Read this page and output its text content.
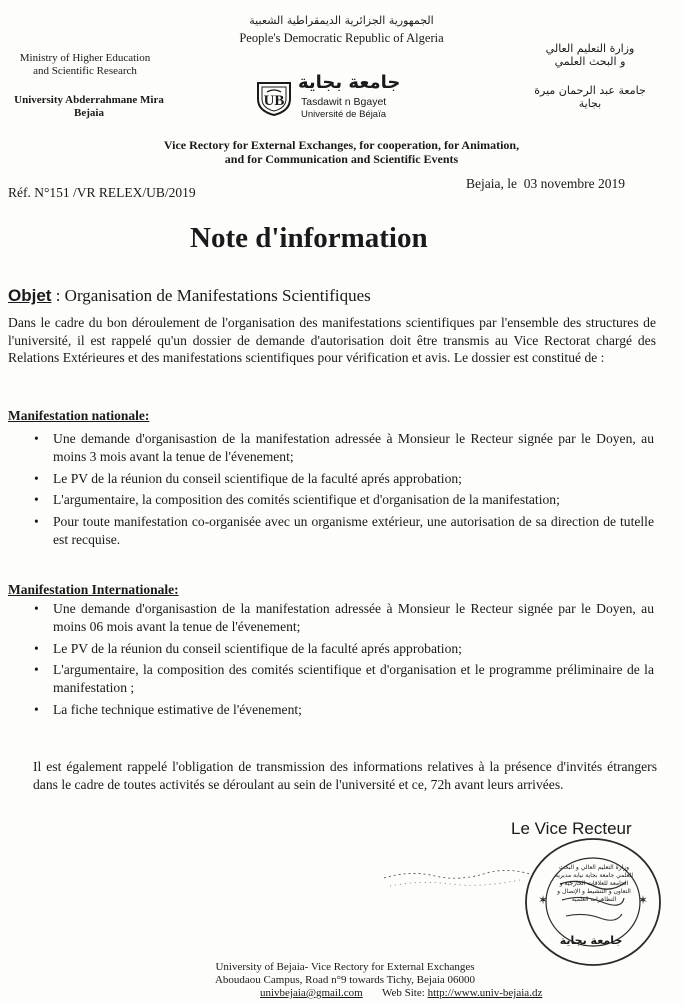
الجمهورية الجزائرية الديمقراطية الشعبية
People's Democratic Republic of Algeria
Ministry of Higher Education
and Scientific Research
University Abderrahmane Mira
Bejaia
وزارة التعليم العالي
و البحث العلمي
جامعة عبد الرحمان ميرة
بجاية
UB
جامعة بجاية
Tasdawit n Bgayet
Université de Béjaïa
Vice Rectory for External Exchanges, for cooperation, for Animation,
and for Communication and Scientific Events
Réf. N°151 /VR RELEX/UB/2019
Bejaia, le  03 novembre 2019
Note d'information
Objet : Organisation de Manifestations Scientifiques
Dans le cadre du bon déroulement de l'organisation des manifestations scientifiques par l'ensemble des structures de l'université, il est rappelé qu'un dossier de demande d'autorisation doit être transmis au Vice Rectorat chargé des Relations Extérieures et des manifestations scientifiques pour vérification et avis. Le dossier est constitué de :
Manifestation nationale:
• Une demande d'organisastion de la manifestation adressée à Monsieur le Recteur signée par le Doyen, au moins 3 mois avant la tenue de l'évenement;
• Le PV de la réunion du conseil scientifique de la faculté aprés approbation;
• L'argumentaire, la composition des comités scientifique et d'organisation de la manifestation;
• Pour toute manifestation co-organisée avec un organisme extérieur, une autorisation de sa direction de tutelle est recquise.
Manifestation Internationale:
• Une demande d'organisastion de la manifestation adressée à Monsieur le Recteur signée par le Doyen, au moins 06 mois avant la tenue de l'évenement;
• Le PV de la réunion du conseil scientifique de la faculté aprés approbation;
• L'argumentaire, la composition des comités scientifique et d'organisation et le programme préliminaire de la manifestation ;
• La fiche technique estimative de l'évenement;
Il est également rappelé l'obligation de transmission des informations relatives à la présence d'invités étrangers dans le cadre de toutes activités se déroulant au sein de l'université et ce, 72h avant leurs arrivées.
Le Vice Recteur
✶	✶
جامعة بجاية
وزارة التعليم العالي و البحث العلمي جامعة بجاية نيابة مديرية الجامعة للعلاقات الخارجية و التعاون و التنشيط و الإتصال و التظاهرات العلمية
University of Bejaia- Vice Rectory for External Exchanges
Aboudaou Campus, Road n°9 towards Tichy, Bejaia 06000
univbejaia@gmail.com Web Site: http://www.univ-bejaia.dz
